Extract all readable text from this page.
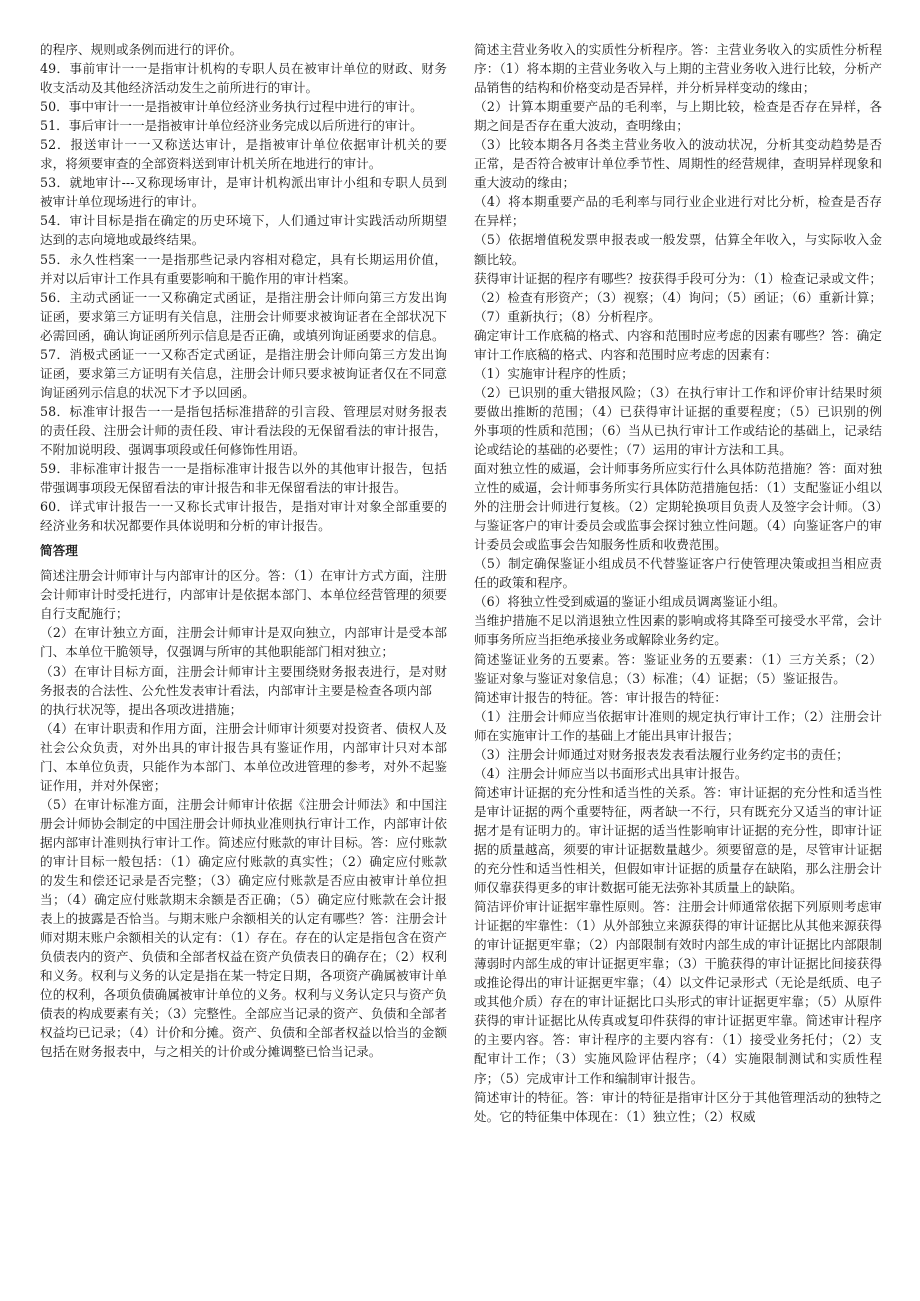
的程序、规则或条例而进行的评价。

49．事前审计一一是指审计机构的专职人员在被审计单位的财政、财务收支活动及其他经济活动发生之前所进行的审计。

50．事中审计一一是指被审计单位经济业务执行过程中进行的审计。

51．事后审计一一是指被审计单位经济业务完成以后所进行的审计。

52．报送审计一一又称送达审计，是指被审计单位依据审计机关的要求，将须要审查的全部资料送到审计机关所在地进行的审计。

53．就地审计---又称现场审计，是审计机构派出审计小组和专职人员到被审计单位现场进行的审计。

54．审计目标是指在确定的历史环境下，人们通过审计实践活动所期望达到的志向境地或最终结果。

55．永久性档案一一是指那些记录内容相对稳定，具有长期运用价值，并对以后审计工作具有重要影响和干脆作用的审计档案。

56．主动式函证一一又称确定式函证，是指注册会计师向第三方发出询证函，要求第三方证明有关信息，注册会计师要求被询证者在全部状况下必需回函，确认询证函所列示信息是否正确，或填列询证函要求的信息。

57．消极式函证一一又称否定式函证，是指注册会计师向第三方发出询证函，要求第三方证明有关信息，注册会计师只要求被询证者仅在不同意询证函列示信息的状况下才予以回函。

58．标准审计报告一一是指包括标准措辞的引言段、管理层对财务报表的责任段、注册会计师的责任段、审计看法段的无保留看法的审计报告，不附加说明段、强调事项段或任何修饰性用语。

59．非标准审计报告一一是指标准审计报告以外的其他审计报告，包括带强调事项段无保留看法的审计报告和非无保留看法的审计报告。

60．详式审计报告一一又称长式审计报告，是指对审计对象全部重要的经济业务和状况都要作具体说明和分析的审计报告。

简答理

简述注册会计师审计与内部审计的区分。答：（1）在审计方式方面，注册会计师审计时受托进行，内部审计是依据本部门、本单位经营管理的须要自行支配施行；

（2）在审计独立方面，注册会计师审计是双向独立，内部审计是受本部门、本单位干脆领导，仅强调与所审的其他职能部门相对独立；

（3）在审计目标方面，注册会计师审计主要围绕财务报表进行，是对财务报表的合法性、公允性发表审计看法，内部审计主要是检查各项内部

的执行状况等，提出各项改进措施；

（4）在审计职责和作用方面，注册会计师审计须要对投资者、债权人及社会公众负责，对外出具的审计报告具有鉴证作用，内部审计只对本部门、本单位负责，只能作为本部门、本单位改进管理的参考，对外不起鉴证作用，并对外保密；

（5）在审计标准方面，注册会计师审计依据《注册会计师法》和中国注册会计师协会制定的中国注册会计师执业准则执行审计工作，内部审计依据内部审计准则执行审计工作。简述应付账款的审计目标。答：应付账款的审计目标一般包括：（1）确定应付账款的真实性；（2）确定应付账款的发生和偿还记录是否完整；（3）确定应付账款是否应由被审计单位担当；（4）确定应付账款期末余额是否正确；（5）确定应付账款在会计报表上的披露是否恰当。与期末账户余额相关的认定有哪些？答：注册会计师对期末账户余额相关的认定有：（1）存在。存在的认定是指包含在资产负债表内的资产、负债和全部者权益在资产负债表日的确存在；（2）权利和义务。权利与义务的认定是指在某一特定日期，各项资产确属被审计单位的权利，各项负债确属被审计单位的义务。权利与义务认定只与资产负债表的构成要素有关；（3）完整性。全部应当记录的资产、负债和全部者权益均已记录；（4）计价和分摊。资产、负债和全部者权益以恰当的金额包括在财务报表中，与之相关的计价或分摊调整已恰当记录。

简述主营业务收入的实质性分析程序。答：主营业务收入的实质性分析程序：（1）将本期的主营业务收入与上期的主营业务收入进行比较，分析产品销售的结构和价格变动是否异样，并分析异样变动的缘由；

（2）计算本期重要产品的毛利率，与上期比较，检查是否存在异样，各期之间是否存在重大波动，查明缘由；

（3）比较本期各月各类主营业务收入的波动状况，分析其变动趋势是否正常，是否符合被审计单位季节性、周期性的经营规律，查明异样现象和重大波动的缘由；

（4）将本期重要产品的毛利率与同行业企业进行对比分析，检查是否存在异样；

（5）依据增值税发票申报表或一般发票，估算全年收入，与实际收入金额比较。

获得审计证据的程序有哪些？按获得手段可分为：（1）检查记录或文件；（2）检查有形资产；（3）视察；（4）询问；（5）函证；（6）重新计算；（7）重新执行；（8）分析程序。

确定审计工作底稿的格式、内容和范围时应考虑的因素有哪些？答：确定审计工作底稿的格式、内容和范围时应考虑的因素有：

（1）实施审计程序的性质；

（2）已识别的重大错报风险；（3）在执行审计工作和评价审计结果时须要做出推断的范围；（4）已获得审计证据的重要程度；（5）已识别的例外事项的性质和范围；（6）当从已执行审计工作或结论的基础上，记录结论或结论的基础的必要性；（7）运用的审计方法和工具。

面对独立性的威逼，会计师事务所应实行什么具体防范措施？答：面对独立性的威逼，会计师事务所实行具体防范措施包括：（1）支配鉴证小组以外的注册会计师进行复核。（2）定期轮换项目负责人及签字会计师。（3）与鉴证客户的审计委员会或监事会探讨独立性问题。（4）向鉴证客户的审计委员会或监事会告知服务性质和收费范围。

（5）制定确保鉴证小组成员不代替鉴证客户行使管理决策或担当相应责任的政策和程序。

（6）将独立性受到威逼的鉴证小组成员调离鉴证小组。

当维护措施不足以消退独立性因素的影响或将其降至可接受水平常，会计师事务所应当拒绝承接业务或解除业务约定。

简述鉴证业务的五要素。答：鉴证业务的五要素：（1）三方关系；（2）鉴证对象与鉴证对象信息；（3）标准；（4）证据；（5）鉴证报告。

简述审计报告的特征。答：审计报告的特征：

（1）注册会计师应当依据审计准则的规定执行审计工作；（2）注册会计师在实施审计工作的基础上才能出具审计报告；

（3）注册会计师通过对财务报表发表看法履行业务约定书的责任；

（4）注册会计师应当以书面形式出具审计报告。

简述审计证据的充分性和适当性的关系。答：审计证据的充分性和适当性是审计证据的两个重要特征，两者缺一不行，只有既充分又适当的审计证据才是有证明力的。审计证据的适当性影响审计证据的充分性，即审计证据的质量越高，须要的审计证据数量越少。须要留意的是，尽管审计证据的充分性和适当性相关，但假如审计证据的质量存在缺陷，那么注册会计师仅靠获得更多的审计数据可能无法弥补其质量上的缺陷。

简洁评价审计证据牢靠性原则。答：注册会计师通常依据下列原则考虑审计证据的牢靠性：（1）从外部独立来源获得的审计证据比从其他来源获得的审计证据更牢靠；（2）内部限制有效时内部生成的审计证据比内部限制薄弱时内部生成的审计证据更牢靠；（3）干脆获得的审计证据比间接获得或推论得出的审计证据更牢靠；（4）以文件记录形式（无论是纸质、电子或其他介质）存在的审计证据比口头形式的审计证据更牢靠；（5）从原件获得的审计证据比从传真或复印件获得的审计证据更牢靠。简述审计程序的主要内容。答：审计程序的主要内容有：（1）接受业务托付；（2）支配审计工作；（3）实施风险评估程序；（4）实施限制测试和实质性程序；（5）完成审计工作和编制审计报告。

简述审计的特征。答：审计的特征是指审计区分于其他管理活动的独特之处。它的特征集中体现在：（1）独立性；（2）权威
